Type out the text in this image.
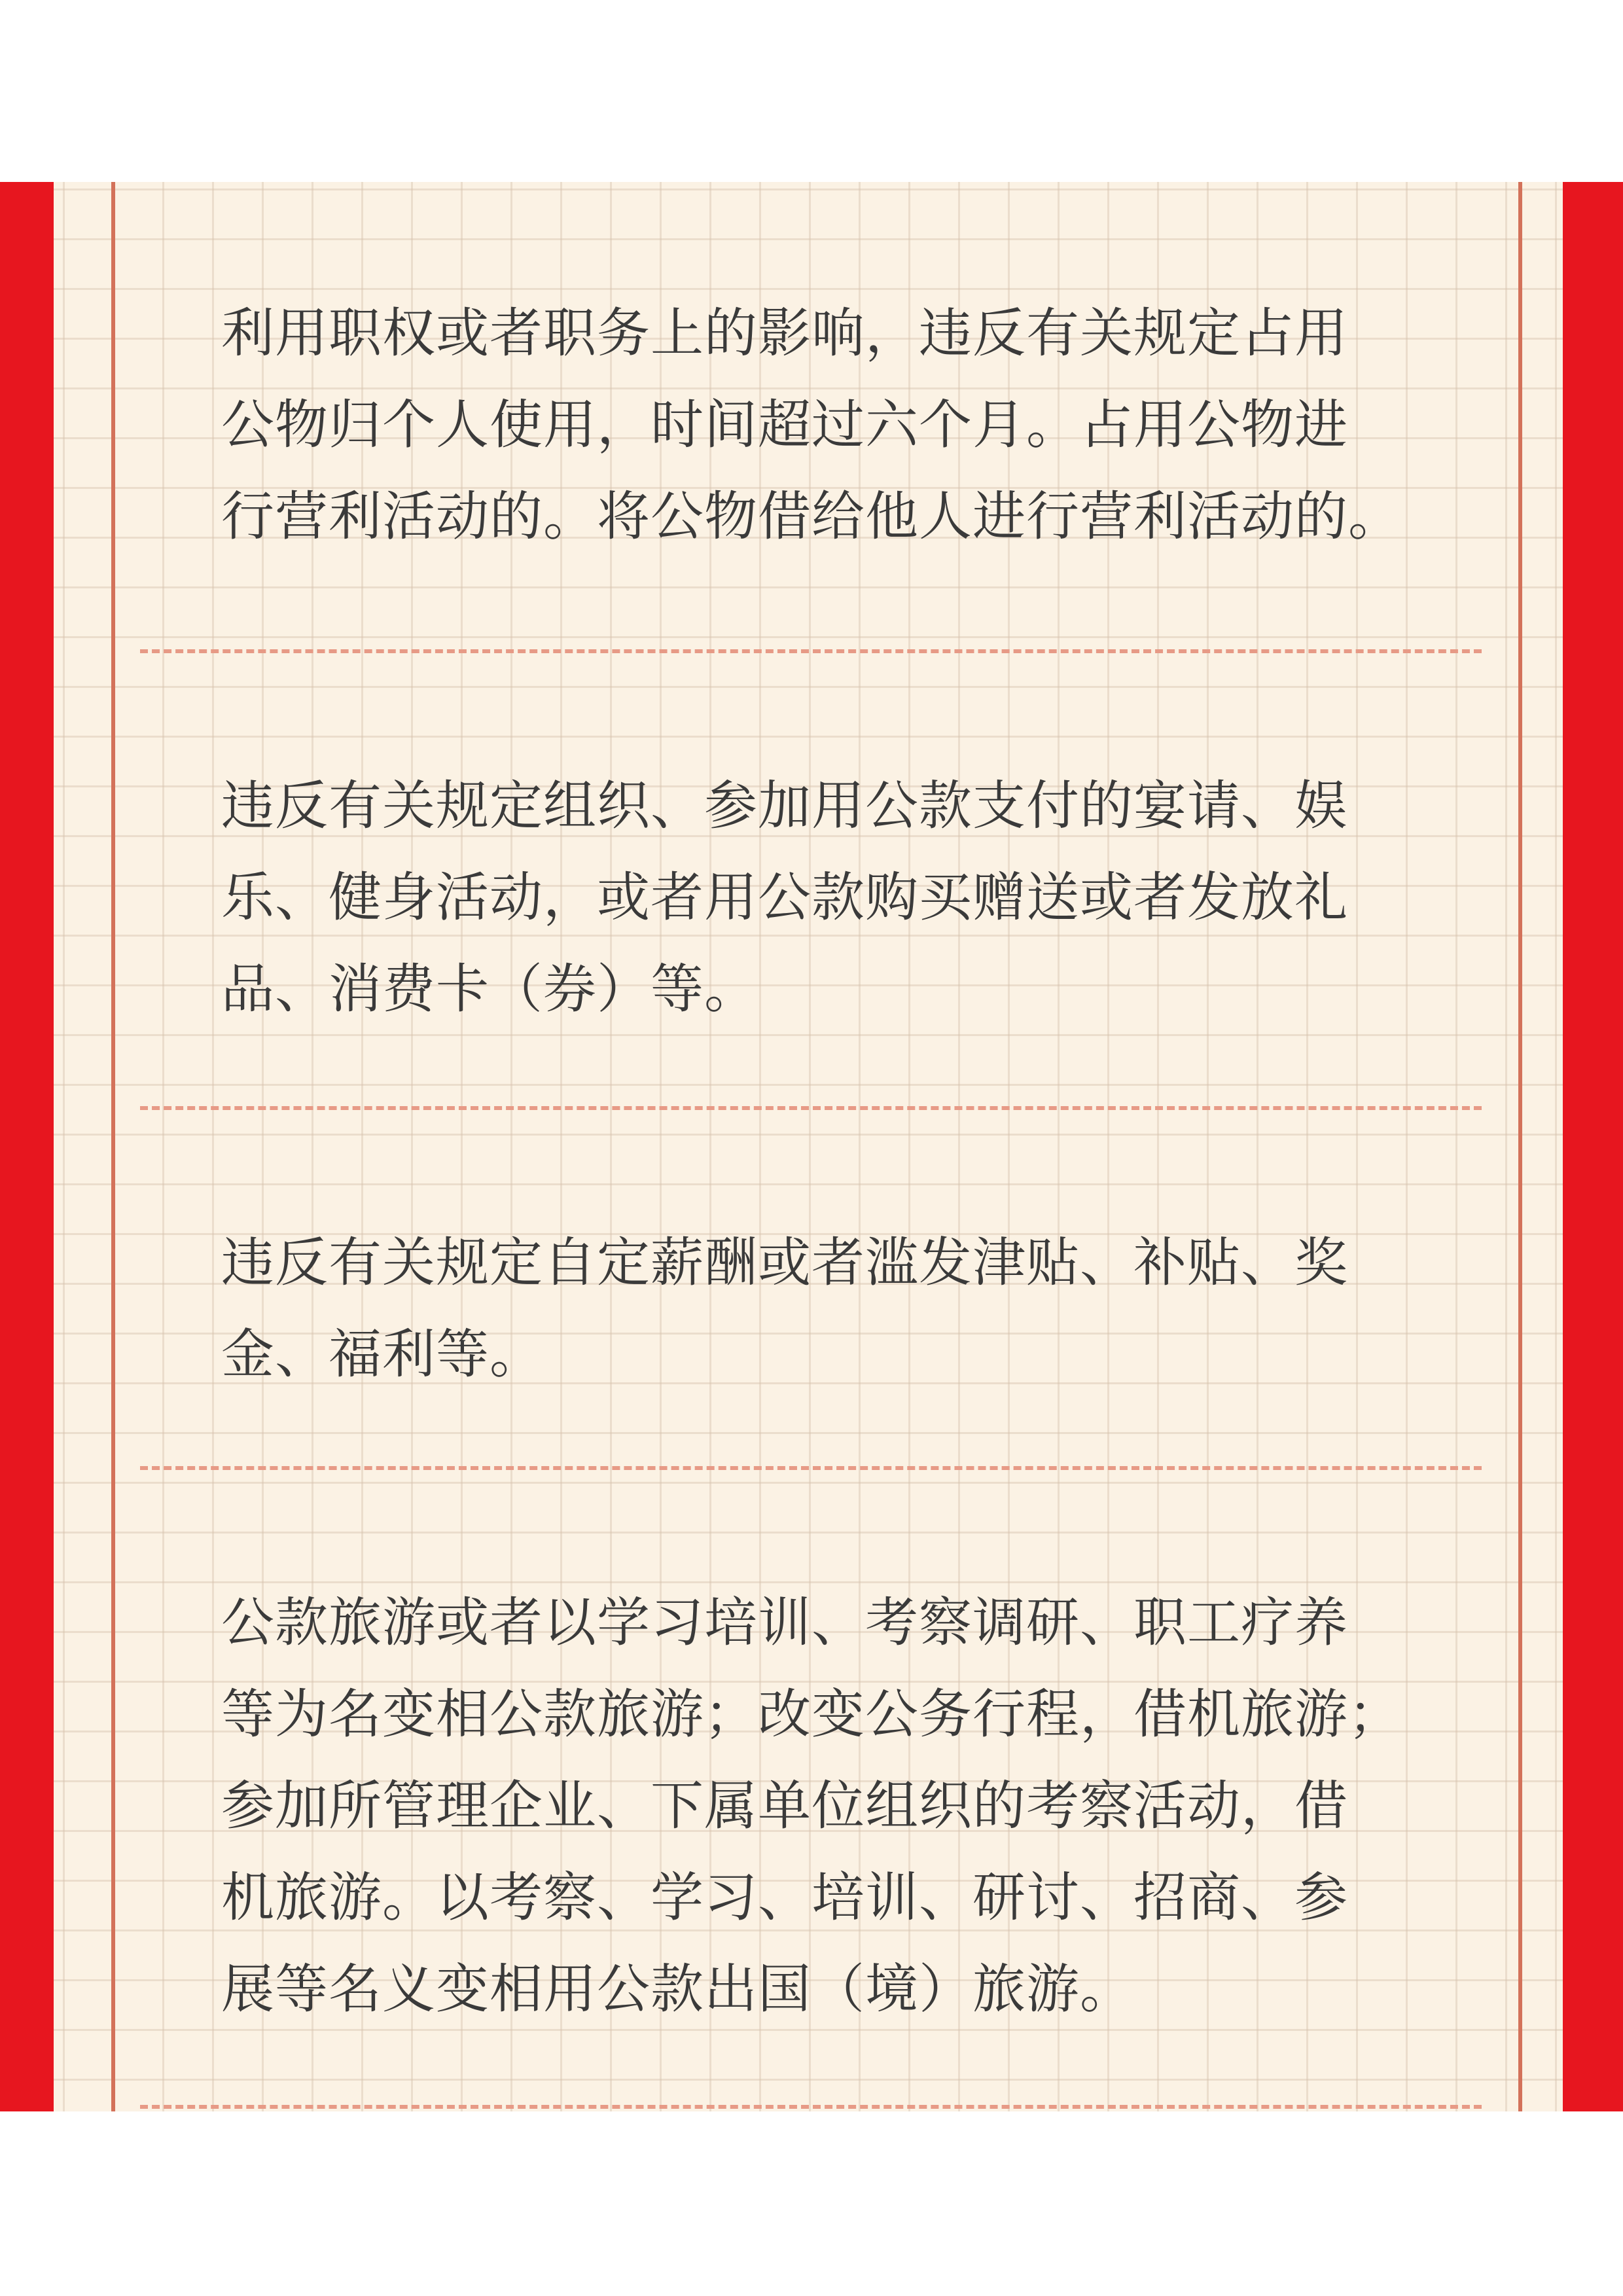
利用职权或者职务上的影响，违反有关规定占用
公物归个人使用，时间超过六个月。占用公物进
行营利活动的。将公物借给他人进行营利活动的。
违反有关规定组织、参加用公款支付的宴请、娱
乐、健身活动，或者用公款购买赠送或者发放礼
品、消费卡（券）等。
违反有关规定自定薪酬或者滥发津贴、补贴、奖
金、福利等。
公款旅游或者以学习培训、考察调研、职工疗养
等为名变相公款旅游；改变公务行程，借机旅游；
参加所管理企业、下属单位组织的考察活动，借
机旅游。以考察、学习、培训、研讨、招商、参
展等名义变相用公款出国（境）旅游。
